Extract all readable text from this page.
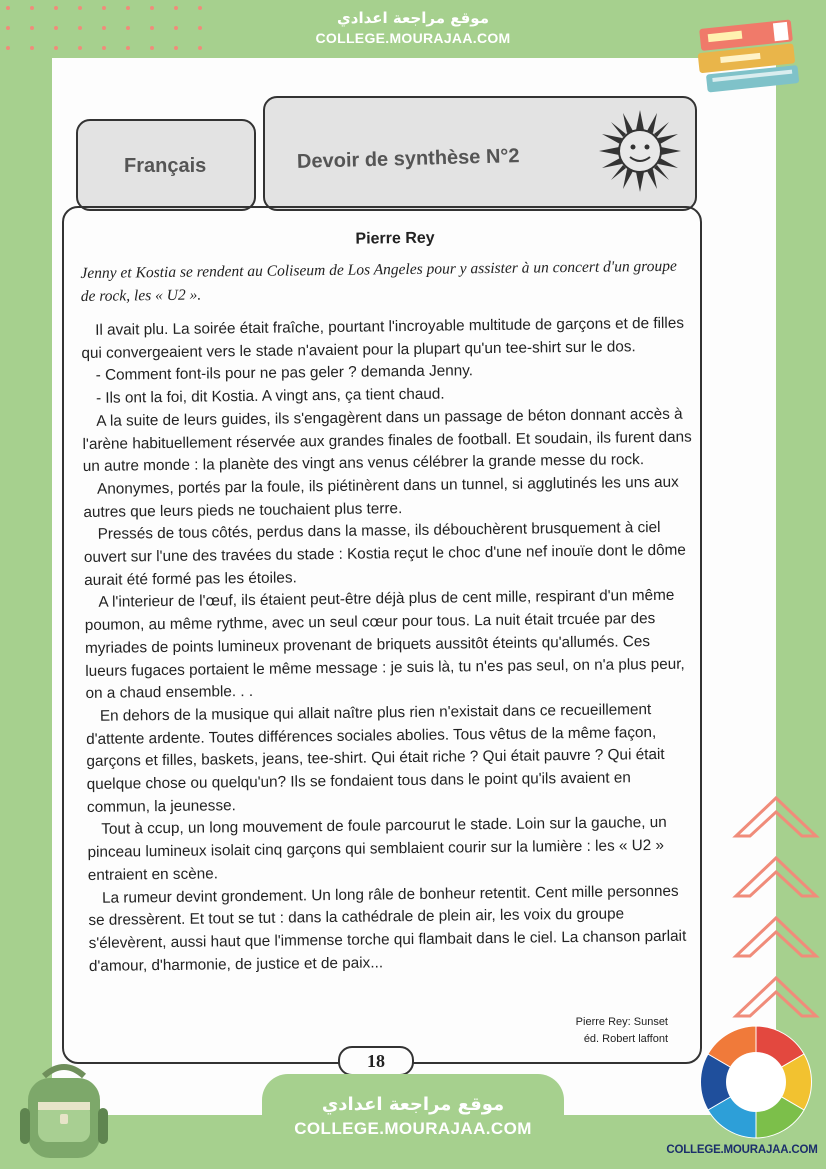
موقع مراجعة اعدادي
COLLEGE.MOURAJAA.COM
Français	Devoir de synthèse N°2
Pierre Rey

Jenny et Kostia se rendent au Coliseum de Los Angeles pour y assister à un concert d'un groupe de rock, les « U2 ».

Il avait plu. La soirée était fraîche, pourtant l'incroyable multitude de garçons et de filles qui convergeaient vers le stade n'avaient pour la plupart qu'un tee-shirt sur le dos.

- Comment font-ils pour ne pas geler ? demanda Jenny.

- Ils ont la foi, dit Kostia. A vingt ans, ça tient chaud.

A la suite de leurs guides, ils s'engagèrent dans un passage de béton donnant accès à l'arène habituellement réservée aux grandes finales de football. Et soudain, ils furent dans un autre monde : la planète des vingt ans venus célébrer la grande messe du rock.

Anonymes, portés par la foule, ils piétinèrent dans un tunnel, si agglutinés les uns aux autres que leurs pieds ne touchaient plus terre.

Pressés de tous côtés, perdus dans la masse, ils débouchèrent brusquement à ciel ouvert sur l'une des travées du stade : Kostia reçut le choc d'une nef inouïe dont le dôme aurait été formé pas les étoiles.

A l'interieur de l'œuf, ils étaient peut-être déjà plus de cent mille, respirant d'un même poumon, au même rythme, avec un seul cœur pour tous. La nuit était trcuée par des myriades de points lumineux provenant de briquets aussitôt éteints qu'allumés. Ces lueurs fugaces portaient le même message : je suis là, tu n'es pas seul, on n'a plus peur, on a chaud ensemble. . .

En dehors de la musique qui allait naître plus rien n'existait dans ce recueillement d'attente ardente. Toutes différences sociales abolies. Tous vêtus de la même façon, garçons et filles, baskets, jeans, tee-shirt. Qui était riche ? Qui était pauvre ? Qui était quelque chose ou quelqu'un? Ils se fondaient tous dans le point qu'ils avaient en commun, la jeunesse.

Tout à ccup, un long mouvement de foule parcourut le stade. Loin sur la gauche, un pinceau lumineux isolait cinq garçons qui semblaient courir sur la lumière : les « U2 » entraient en scène.

La rumeur devint grondement. Un long râle de bonheur retentit. Cent mille personnes se dressèrent. Et tout se tut : dans la cathédrale de plein air, les voix du groupe s'élevèrent, aussi haut que l'immense torche qui flambait dans le ciel. La chanson parlait d'amour, d'harmonie, de justice et de paix...

Pierre Rey: Sunset
éd. Robert laffont
18
موقع مراجعة اعدادي
COLLEGE.MOURAJAA.COM
COLLEGE.MOURAJAA.COM
